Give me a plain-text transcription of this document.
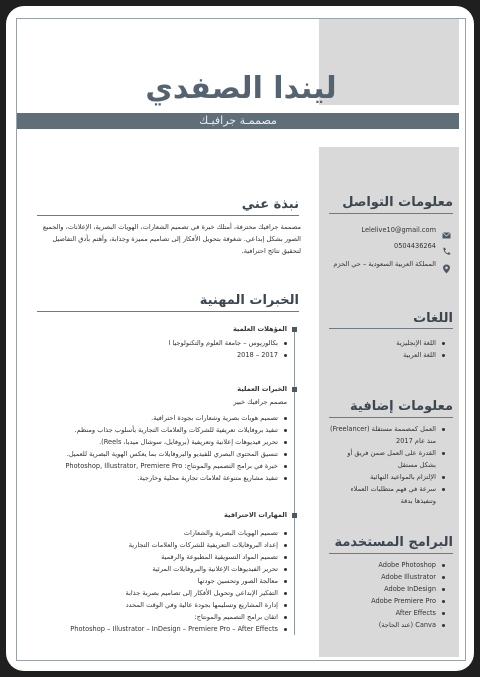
ليندا الصفدي
مصممـة جرافيـك
نبذة عني
مصممة جرافيك محترفة، أمتلك خبرة في تصميم الشعارات، الهويات البصرية، الإعلانات، والجميع الصور بشكل إبداعي. شغوفة بتحويل الأفكار إلى تصاميم مميزة وجذابة، وأهتم بأدق التفاصيل لتحقيق نتائج احترافية.
الخبرات المهنية
المؤهلات العلمية
بكالوريوس – جامعة العلوم والتكنولوجيا ا
2017 – 2018
الخبرات العملية
مصمم جرافيك خبير
تصميم هويات بصرية وشعارات بجودة احترافية.
تنفيذ بروفايلات تعريفية للشركات والعلامات التجارية بأسلوب جذاب ومنظم.
تحرير فيديوهات إعلانية وتعريفية (بروفايل، سوشال ميديا، Reels).
تنسيق المحتوى البصري للفيديو والبروفايلات بما يعكس الهوية البصرية للعميل.
خبرة في برامج التصميم والمونتاج: Photoshop, Illustrator, Premiere Pro
تنفيذ مشاريع متنوعة لعلامات تجارية محلية وخارجية.
المهارات الاحترافية
تصميم الهويات البصرية والشعارات
إعداد البروفايلات التعريفية للشركات والعلامات التجارية
تصميم المواد التسويقية المطبوعة والرقمية
تحرير الفيديوهات الإعلانية والبروفايلات المرئية
معالجة الصور وتحسين جودتها
التفكير الإبداعي وتحويل الأفكار إلى تصاميم بصرية جذابة
إدارة المشاريع وتسليمها بجودة عالية وفي الوقت المحدد
اتقان برامج التصميم والمونتاج:
Photoshop – Illustrator – InDesign – Premiere Pro – After Effects
معلومات التواصل
Lelelive10@gmail.com
0504436264
المملكة العربية السعودية – حي الحزم
اللغات
اللغة الإنجليزية
اللغة العربية
معلومات إضافية
العمل كمصممة مستقلة (Freelancer) منذ عام 2017
القدرة على العمل ضمن فريق أو بشكل مستقل
الإلتزام بالمواعيد النهائية
سرعة في فهم متطلبات العملاء وتنفيذها بدقة
البرامج المستخدمة
Adobe Photoshop
Adobe Illustrator
Adobe InDesign
Adobe Premiere Pro
After Effects
Canva (عند الحاجة)
